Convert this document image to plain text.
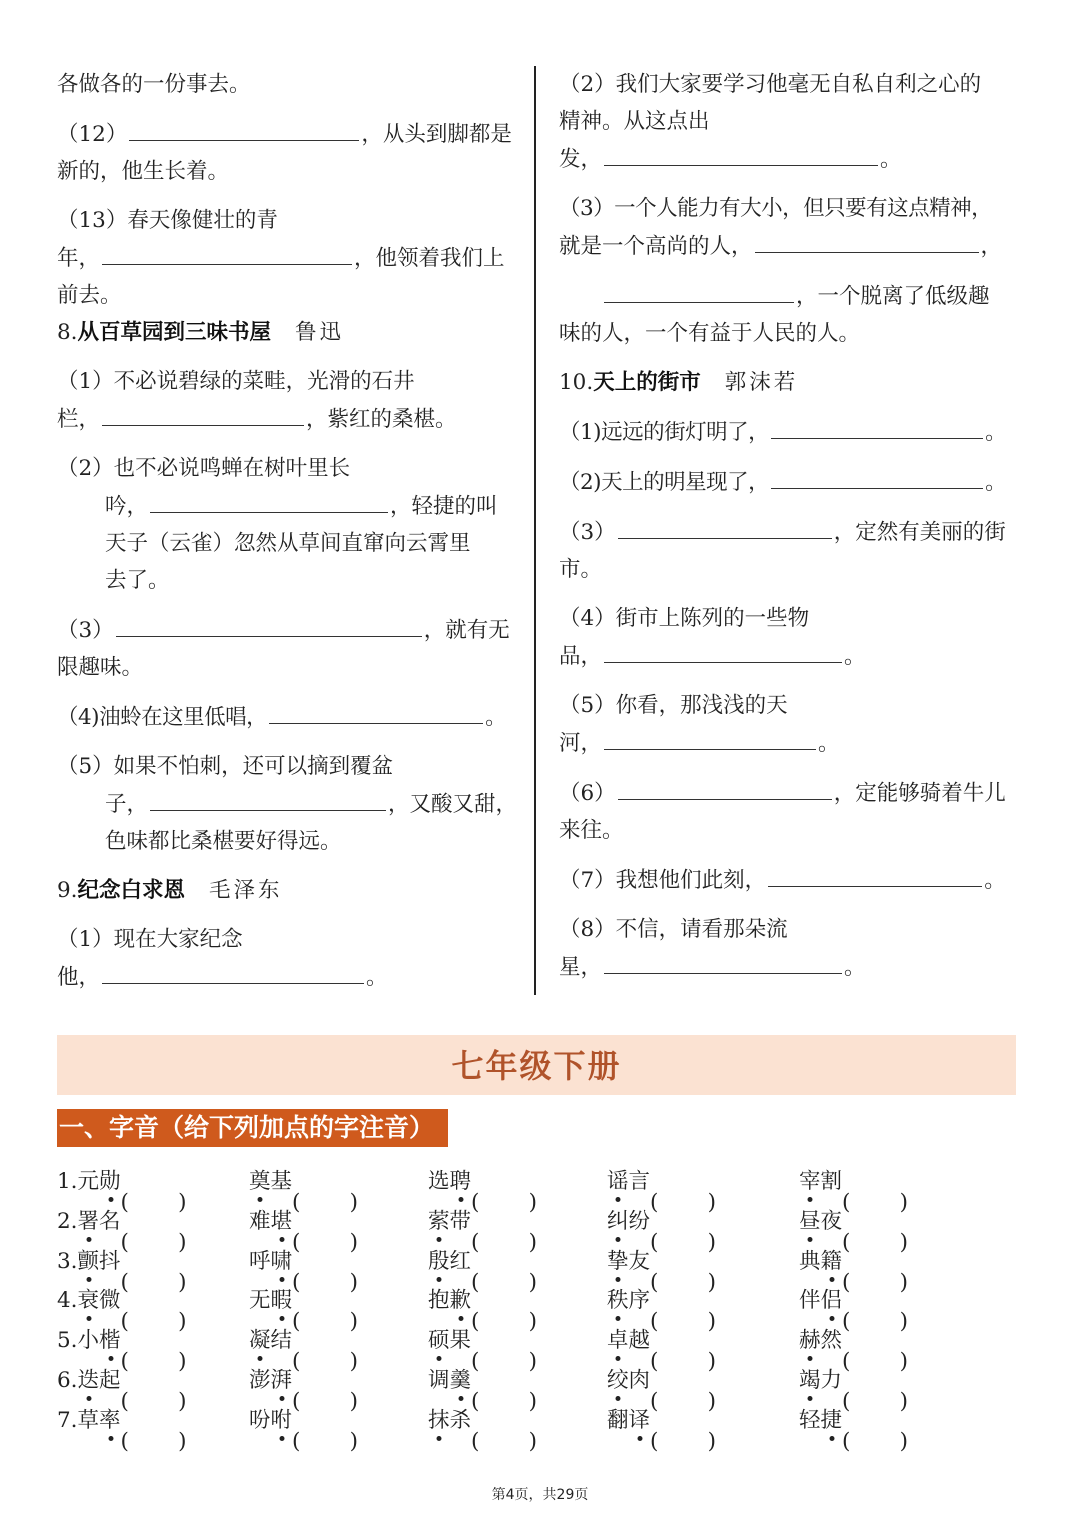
各做各的一份事去。
（12）	，从头到脚都是
新的，他生长着。
（13）春天像健壮的青
年，	，他领着我们上
前去。
8.从百草园到三味书屋 鲁迅
（1）不必说碧绿的菜畦，光滑的石井
栏，	，紫红的桑椹。
（2）也不必说鸣蝉在树叶里长
吟，	，轻捷的叫
天子（云雀）忽然从草间直窜向云霄里
去了。
（3）	，就有无
限趣味。
（4)油蛉在这里低唱，	。
（5）如果不怕刺，还可以摘到覆盆
子，	，又酸又甜，
色味都比桑椹要好得远。
9.纪念白求恩 毛泽东
（1）现在大家纪念
他，	。
（2）我们大家要学习他毫无自私自利之心的
精神。从这点出
发，	。
（3）一个人能力有大小，但只要有这点精神，
就是一个高尚的人，	，
　　，一个脱离了低级趣
味的人，一个有益于人民的人。
10.天上的街市 郭沫若
（1)远远的街灯明了，	。
（2)天上的明星现了，	。
（3）	，定然有美丽的街
市。
（4）街市上陈列的一些物
品，	。
（5）你看，那浅浅的天
河，	。
（6）	，定能够骑着牛儿
来往。
（7）我想他们此刻，	。
（8）不信，请看那朵流
星，	。
七年级下册
一、字音（给下列加点的字注音）
1.元勋	奠基	选聘	谣言	宰割
2.署名	难堪	萦带	纠纷	昼夜
3.颤抖	呼啸	殷红	挚友	典籍
4.衰微	无暇	抱歉	秩序	伴侣
5.小楷	凝结	硕果	卓越	赫然
6.迭起	澎湃	调羹	绞肉	竭力
7.草率	吩咐	抹杀	翻译	轻捷
第4页，共29页
